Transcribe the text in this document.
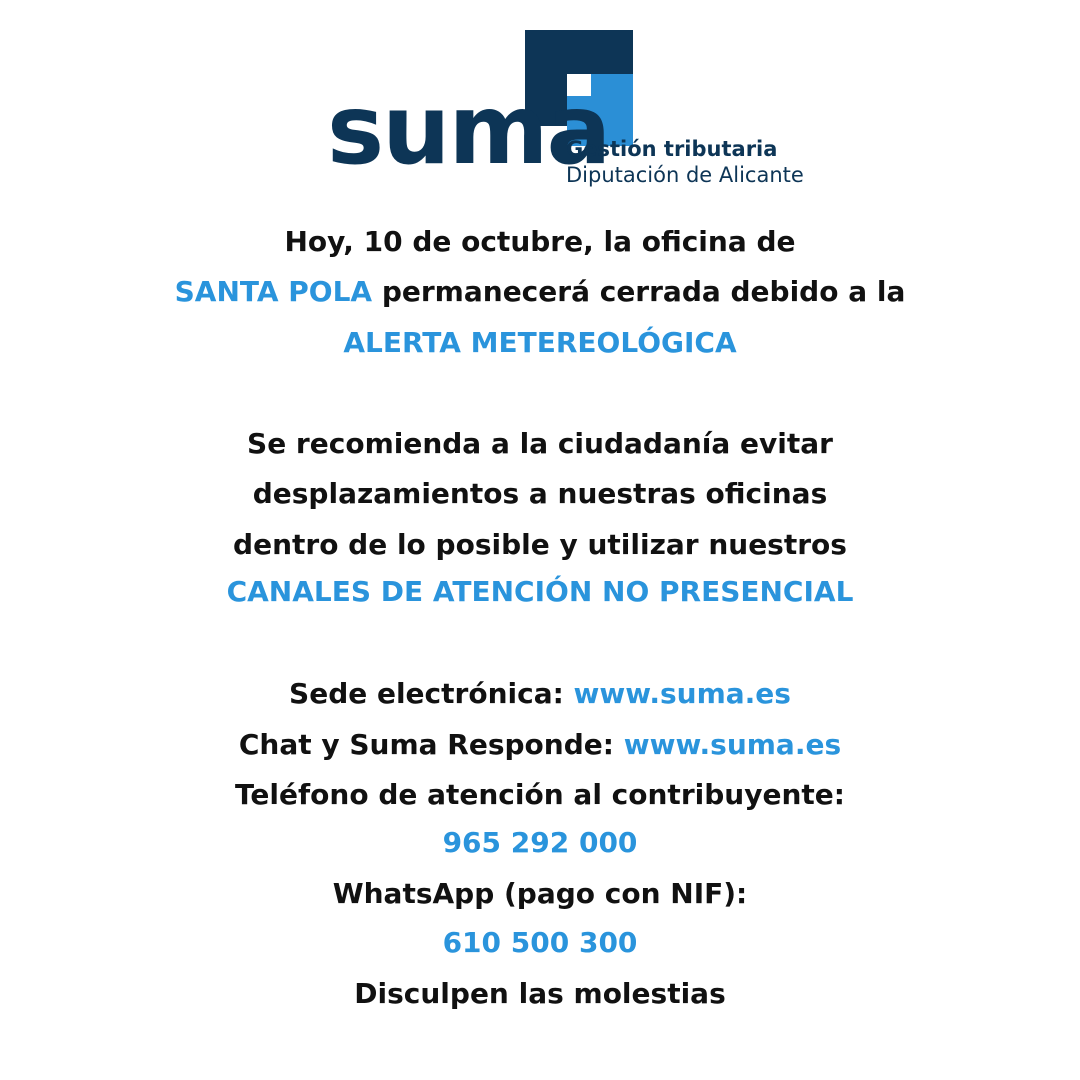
suma
Gestión tributaria
Diputación de Alicante
Hoy, 10 de octubre, la oficina de
SANTA POLA permanecerá cerrada debido a la
ALERTA METEREOLÓGICA
Se recomienda a la ciudadanía evitar
desplazamientos a nuestras oficinas
dentro de lo posible y utilizar nuestros
CANALES DE ATENCIÓN NO PRESENCIAL
Sede electrónica: www.suma.es
Chat y Suma Responde: www.suma.es
Teléfono de atención al contribuyente:
965 292 000
WhatsApp (pago con NIF):
610 500 300
Disculpen las molestias
